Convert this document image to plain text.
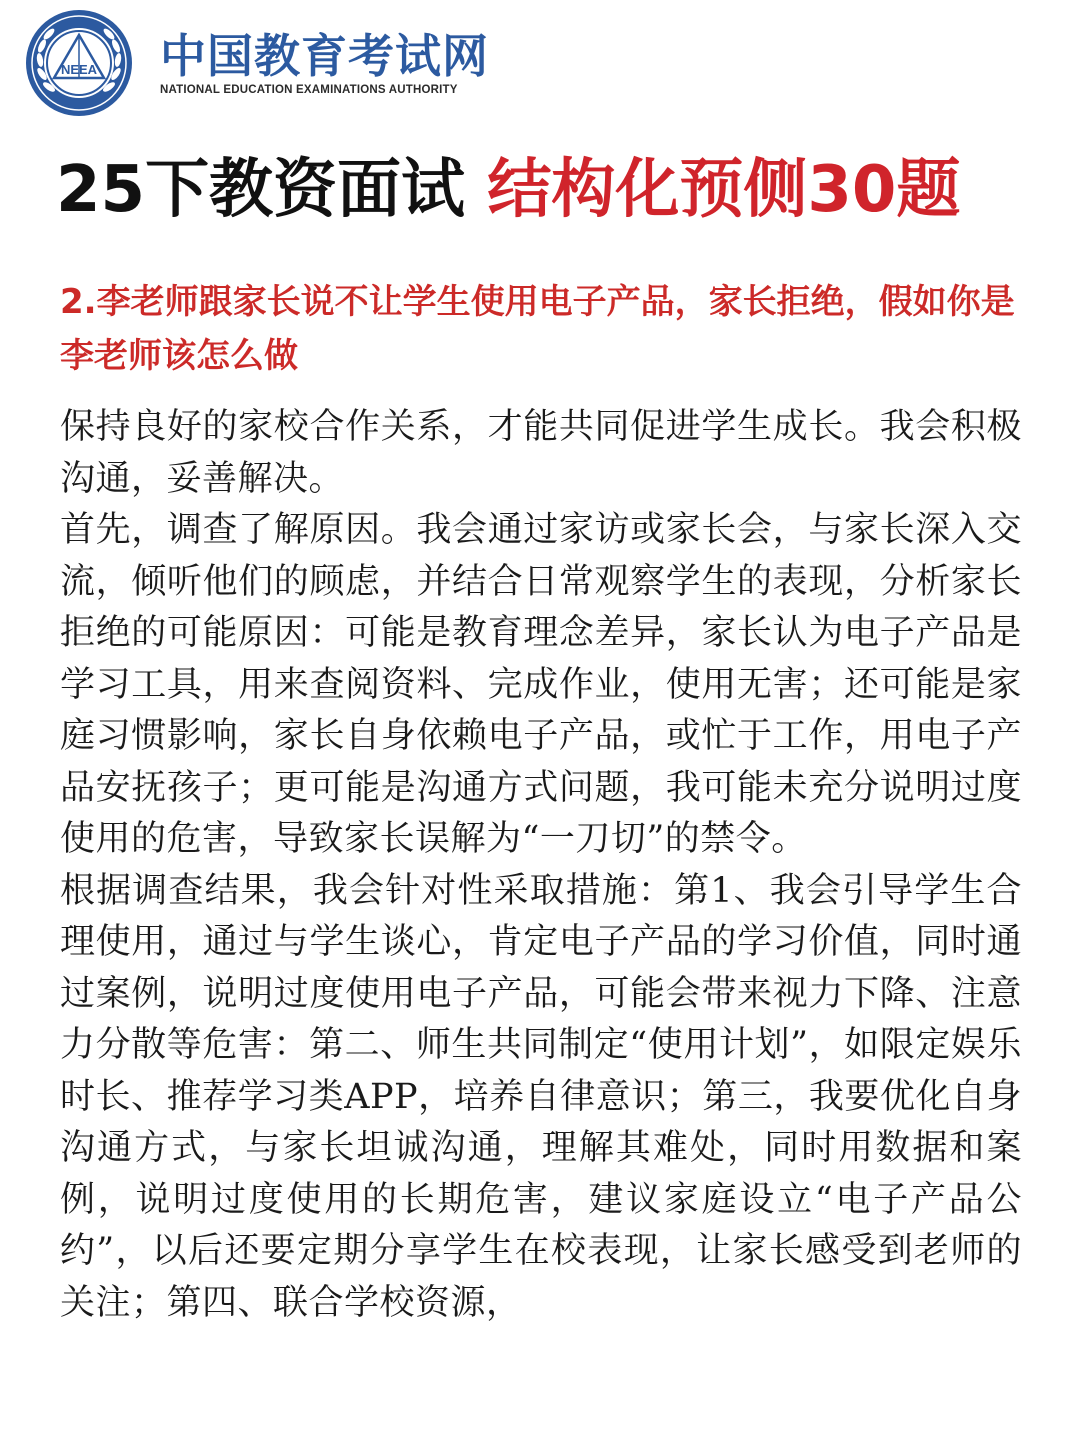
NEEA 中国教育考试网
NATIONAL EDUCATION EXAMINATIONS AUTHORITY
25下教资面试 结构化预侧30题
2.李老师跟家长说不让学生使用电子产品，家长拒绝，假如你是李老师该怎么做

保持良好的家校合作关系，才能共同促进学生成长。我会积极沟通，妥善解决。

首先，调查了解原因。我会通过家访或家长会，与家长深入交流，倾听他们的顾虑，并结合日常观察学生的表现，分析家长拒绝的可能原因：可能是教育理念差异，家长认为电子产品是学习工具，用来查阅资料、完成作业，使用无害；还可能是家庭习惯影响，家长自身依赖电子产品，或忙于工作，用电子产品安抚孩子；更可能是沟通方式问题，我可能未充分说明过度使用的危害，导致家长误解为“一刀切”的禁令。

根据调查结果，我会针对性采取措施：第1、我会引导学生合理使用，通过与学生谈心，肯定电子产品的学习价值，同时通过案例，说明过度使用电子产品，可能会带来视力下降、注意力分散等危害：第二、师生共同制定“使用计划”，如限定娱乐时长、推荐学习类APP，培养自律意识；第三，我要优化自身沟通方式，与家长坦诚沟通，理解其难处，同时用数据和案例，说明过度使用的长期危害，建议家庭设立“电子产品公约”，以后还要定期分享学生在校表现，让家长感受到老师的关注；第四、联合学校资源，
